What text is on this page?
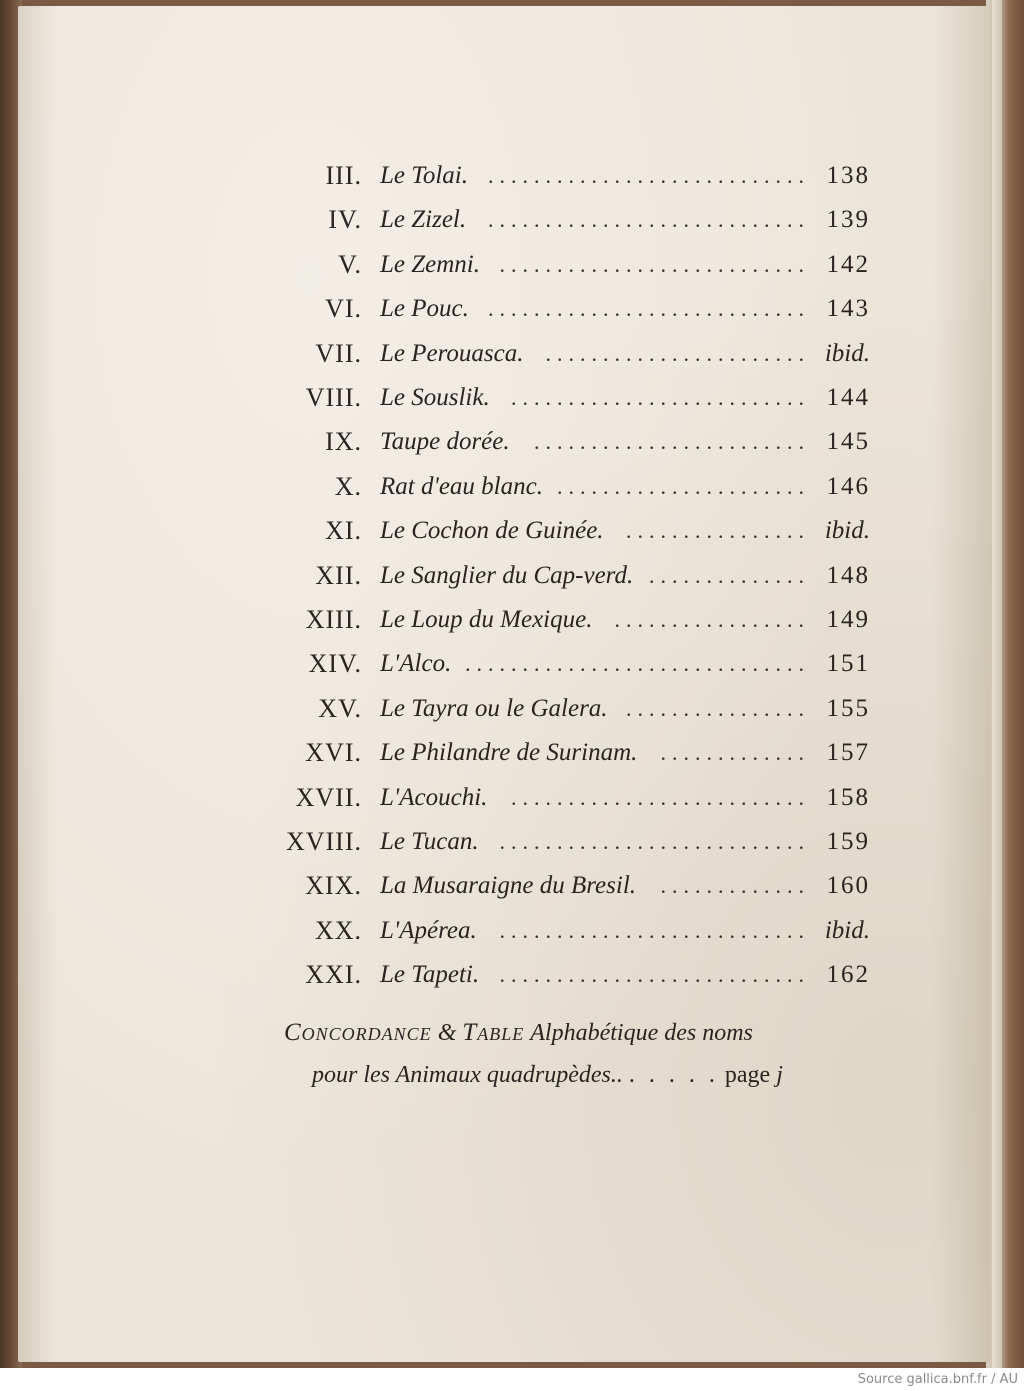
III. Le Tolai. ............................ 138
IV. Le Zizel. ............................ 139
V. Le Zemni. ........................... 142
VI. Le Pouc. ............................ 143
VII. Le Perouasca.	....................... ibid.
VIII. Le Souslik. .......................... 144
IX. Taupe dorée.	........................ 145
X. Rat d'eau blanc. ...................... 146
XI. Le Cochon de Guinée.	................ ibid.
XII. Le Sanglier du Cap-verd. .............. 148
XIII. Le Loup du Mexique.	................. 149
XIV. L'Alco. .............................. 151
XV. Le Tayra ou le Galera. ................ 155
XVI. Le Philandre de Surinam.	............. 157
XVII. L'Acouchi.	.......................... 158
XVIII. Le Tucan. ........................... 159
XIX. La Musaraigne du Bresil.	............. 160
XX. L'Apérea.	........................... ibid.
XXI. Le Tapeti. ........................... 162
Concordance & Table Alphabétique des noms
pour les Animaux quadrupèdes.. . . . . . page j
Source gallica.bnf.fr / AU
